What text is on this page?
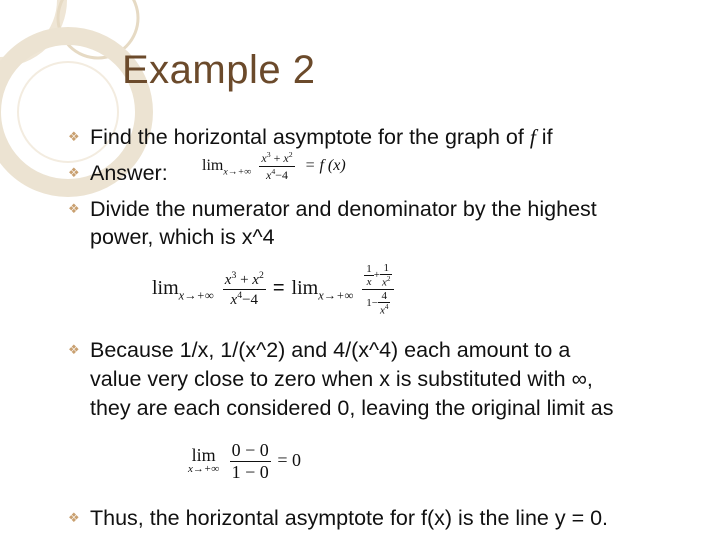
Example 2
❖ Find the horizontal asymptote for the graph of f if
❖ Answer: $\lim_{x\to+\infty} \frac{x^3 + x^2}{x^4-4} = f$ (x)
❖ Divide the numerator and denominator by the highest
power, which is x^4
$\lim_{x\to+\infty} \frac{x^3 + x^2}{x^4-4} = \lim_{x\to+\infty} \frac{\frac{1}{x} + \frac{1}{x^2}}{1- \frac{4}{x^4}}$
❖ Because 1/x, 1/(x^2) and 4/(x^4) each amount to a
value very close to zero when x is substituted with ∞,
they are each considered 0, leaving the original limit as
lim
x→+∞
$\frac{0 - 0}{1 - 0} = 0$
❖ Thus, the horizontal asymptote for f(x) is the line y = 0.
